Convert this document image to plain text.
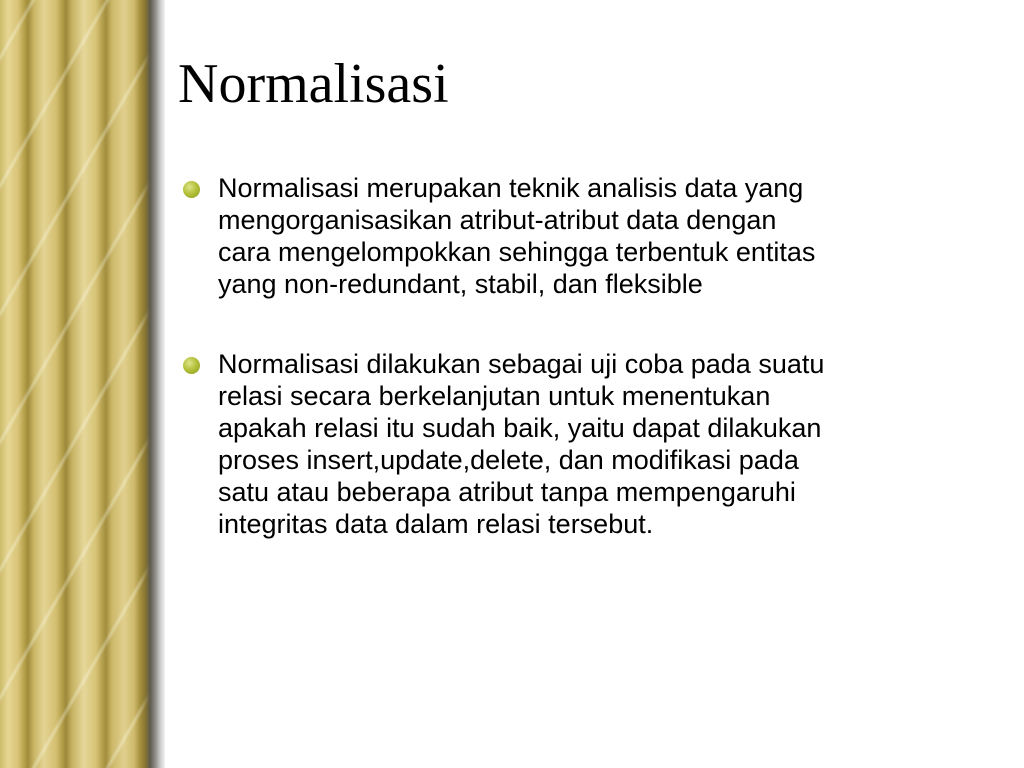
Normalisasi
Normalisasi merupakan teknik analisis data yang
mengorganisasikan atribut-atribut data dengan
cara mengelompokkan sehingga terbentuk entitas
yang non-redundant, stabil, dan fleksible
Normalisasi dilakukan sebagai uji coba pada suatu
relasi secara berkelanjutan untuk menentukan
apakah relasi itu sudah baik, yaitu dapat dilakukan
proses insert,update,delete, dan modifikasi pada
satu atau beberapa atribut tanpa mempengaruhi
integritas data dalam relasi tersebut.
